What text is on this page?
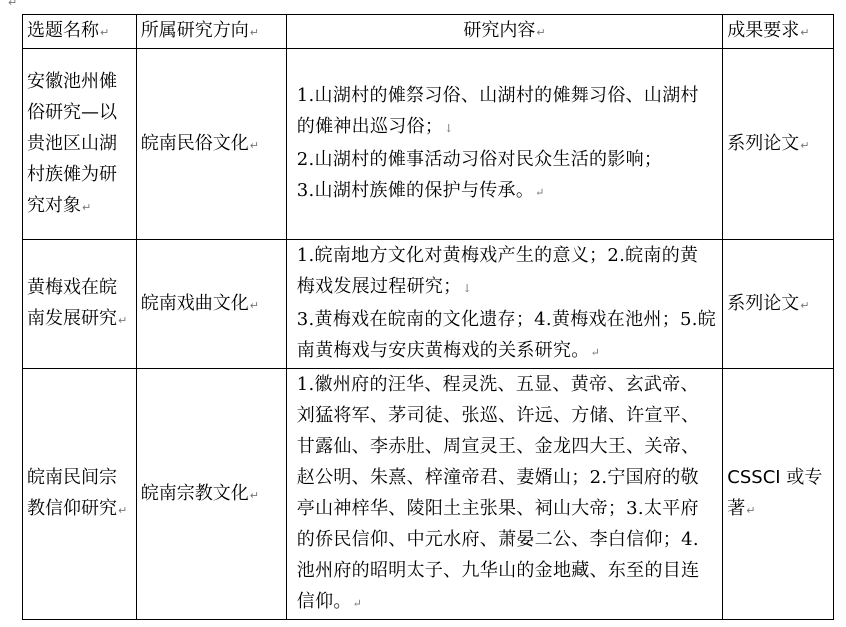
↵
选题名称↵	所属研究方向↵	研究内容↵	成果要求↵
安徽池州傩俗研究—以贵池区山湖村族傩为研究对象↵	皖南民俗文化↵	1.山湖村的傩祭习俗、山湖村的傩舞习俗、山湖村的傩神出巡习俗；↓
2.山湖村的傩事活动习俗对民众生活的影响；
3.山湖村族傩的保护与传承。↵	系列论文↵
黄梅戏在皖南发展研究↵	皖南戏曲文化↵	1.皖南地方文化对黄梅戏产生的意义；2.皖南的黄梅戏发展过程研究；↓
3.黄梅戏在皖南的文化遗存；4.黄梅戏在池州；5.皖南黄梅戏与安庆黄梅戏的关系研究。↵	系列论文↵
皖南民间宗教信仰研究↵	皖南宗教文化↵	1.徽州府的汪华、程灵洗、五显、黄帝、玄武帝、刘猛将军、茅司徒、张巡、许远、方储、许宣平、甘露仙、李赤肚、周宣灵王、金龙四大王、关帝、赵公明、朱熹、梓潼帝君、妻婿山；2.宁国府的敬亭山神梓华、陵阳土主张果、祠山大帝；3.太平府的侨民信仰、中元水府、萧晏二公、李白信仰；4.池州府的昭明太子、九华山的金地藏、东至的目连信仰。↵	CSSCI 或专著↵
